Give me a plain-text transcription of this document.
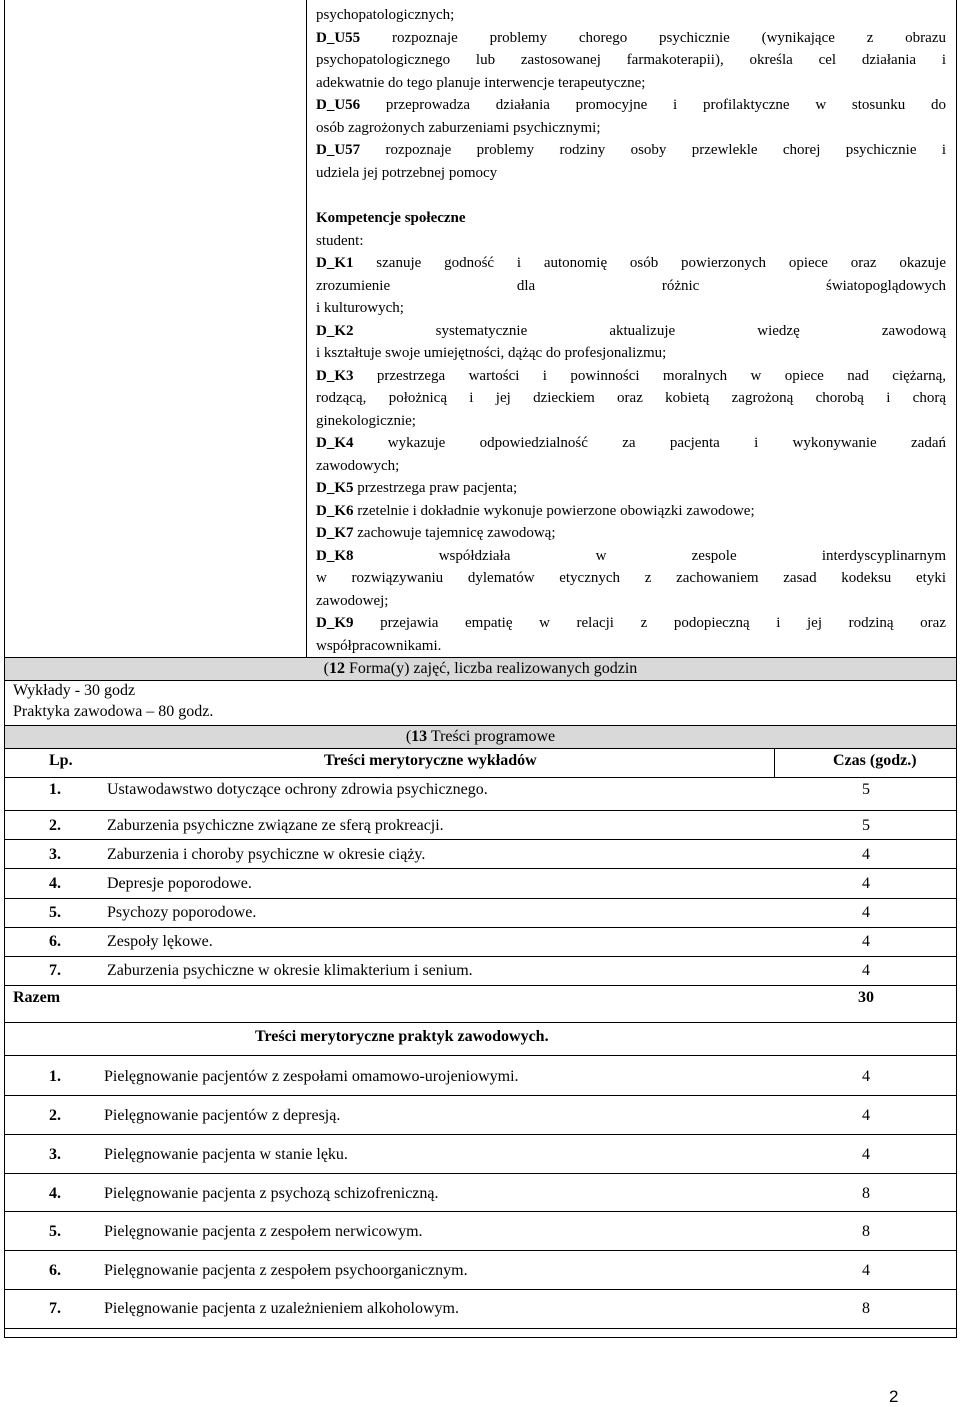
psychopatologicznych;
D_U55 rozpoznaje problemy chorego psychicznie (wynikające z obrazu
psychopatologicznego lub zastosowanej farmakoterapii), określa cel działania i
adekwatnie do tego planuje interwencje terapeutyczne;
D_U56 przeprowadza działania promocyjne i profilaktyczne w stosunku do
osób zagrożonych zaburzeniami psychicznymi;
D_U57 rozpoznaje problemy rodziny osoby przewlekle chorej psychicznie i
udziela jej potrzebnej pomocy
Kompetencje społeczne
student:
D_K1 szanuje godność i autonomię osób powierzonych opiece oraz okazuje
zrozumienie dla różnic światopoglądowych
i kulturowych;
D_K2 systematycznie aktualizuje wiedzę zawodową
i kształtuje swoje umiejętności, dążąc do profesjonalizmu;
D_K3 przestrzega wartości i powinności moralnych w opiece nad ciężarną,
rodzącą, położnicą i jej dzieckiem oraz kobietą zagrożoną chorobą i chorą
ginekologicznie;
D_K4 wykazuje odpowiedzialność za pacjenta i wykonywanie zadań
zawodowych;
D_K5 przestrzega praw pacjenta;
D_K6 rzetelnie i dokładnie wykonuje powierzone obowiązki zawodowe;
D_K7 zachowuje tajemnicę zawodową;
D_K8 współdziała w zespole interdyscyplinarnym
w rozwiązywaniu dylematów etycznych z zachowaniem zasad kodeksu etyki
zawodowej;
D_K9 przejawia empatię w relacji z podopieczną i jej rodziną oraz
współpracownikami.
(12 Forma(y) zajęć, liczba realizowanych godzin
Wykłady - 30 godz
Praktyka zawodowa – 80 godz.
(13 Treści programowe
Lp.	Treści merytoryczne wykładów	Czas (godz.)
1.	Ustawodawstwo dotyczące ochrony zdrowia psychicznego.	5
2.	Zaburzenia psychiczne związane ze sferą prokreacji.	5
3.	Zaburzenia i choroby psychiczne w okresie ciąży.	4
4.	Depresje poporodowe.	4
5.	Psychozy poporodowe.	4
6.	Zespoły lękowe.	4
7.	Zaburzenia psychiczne w okresie klimakterium i senium.	4
Razem	30
Treści merytoryczne praktyk zawodowych.
1.	Pielęgnowanie pacjentów z zespołami omamowo-urojeniowymi.	4
2.	Pielęgnowanie pacjentów z depresją.	4
3.	Pielęgnowanie pacjenta w stanie lęku.	4
4.	Pielęgnowanie pacjenta z psychozą schizofreniczną.	8
5.	Pielęgnowanie pacjenta z zespołem nerwicowym.	8
6.	Pielęgnowanie pacjenta z zespołem psychoorganicznym.	4
7.	Pielęgnowanie pacjenta z uzależnieniem alkoholowym.	8
2
